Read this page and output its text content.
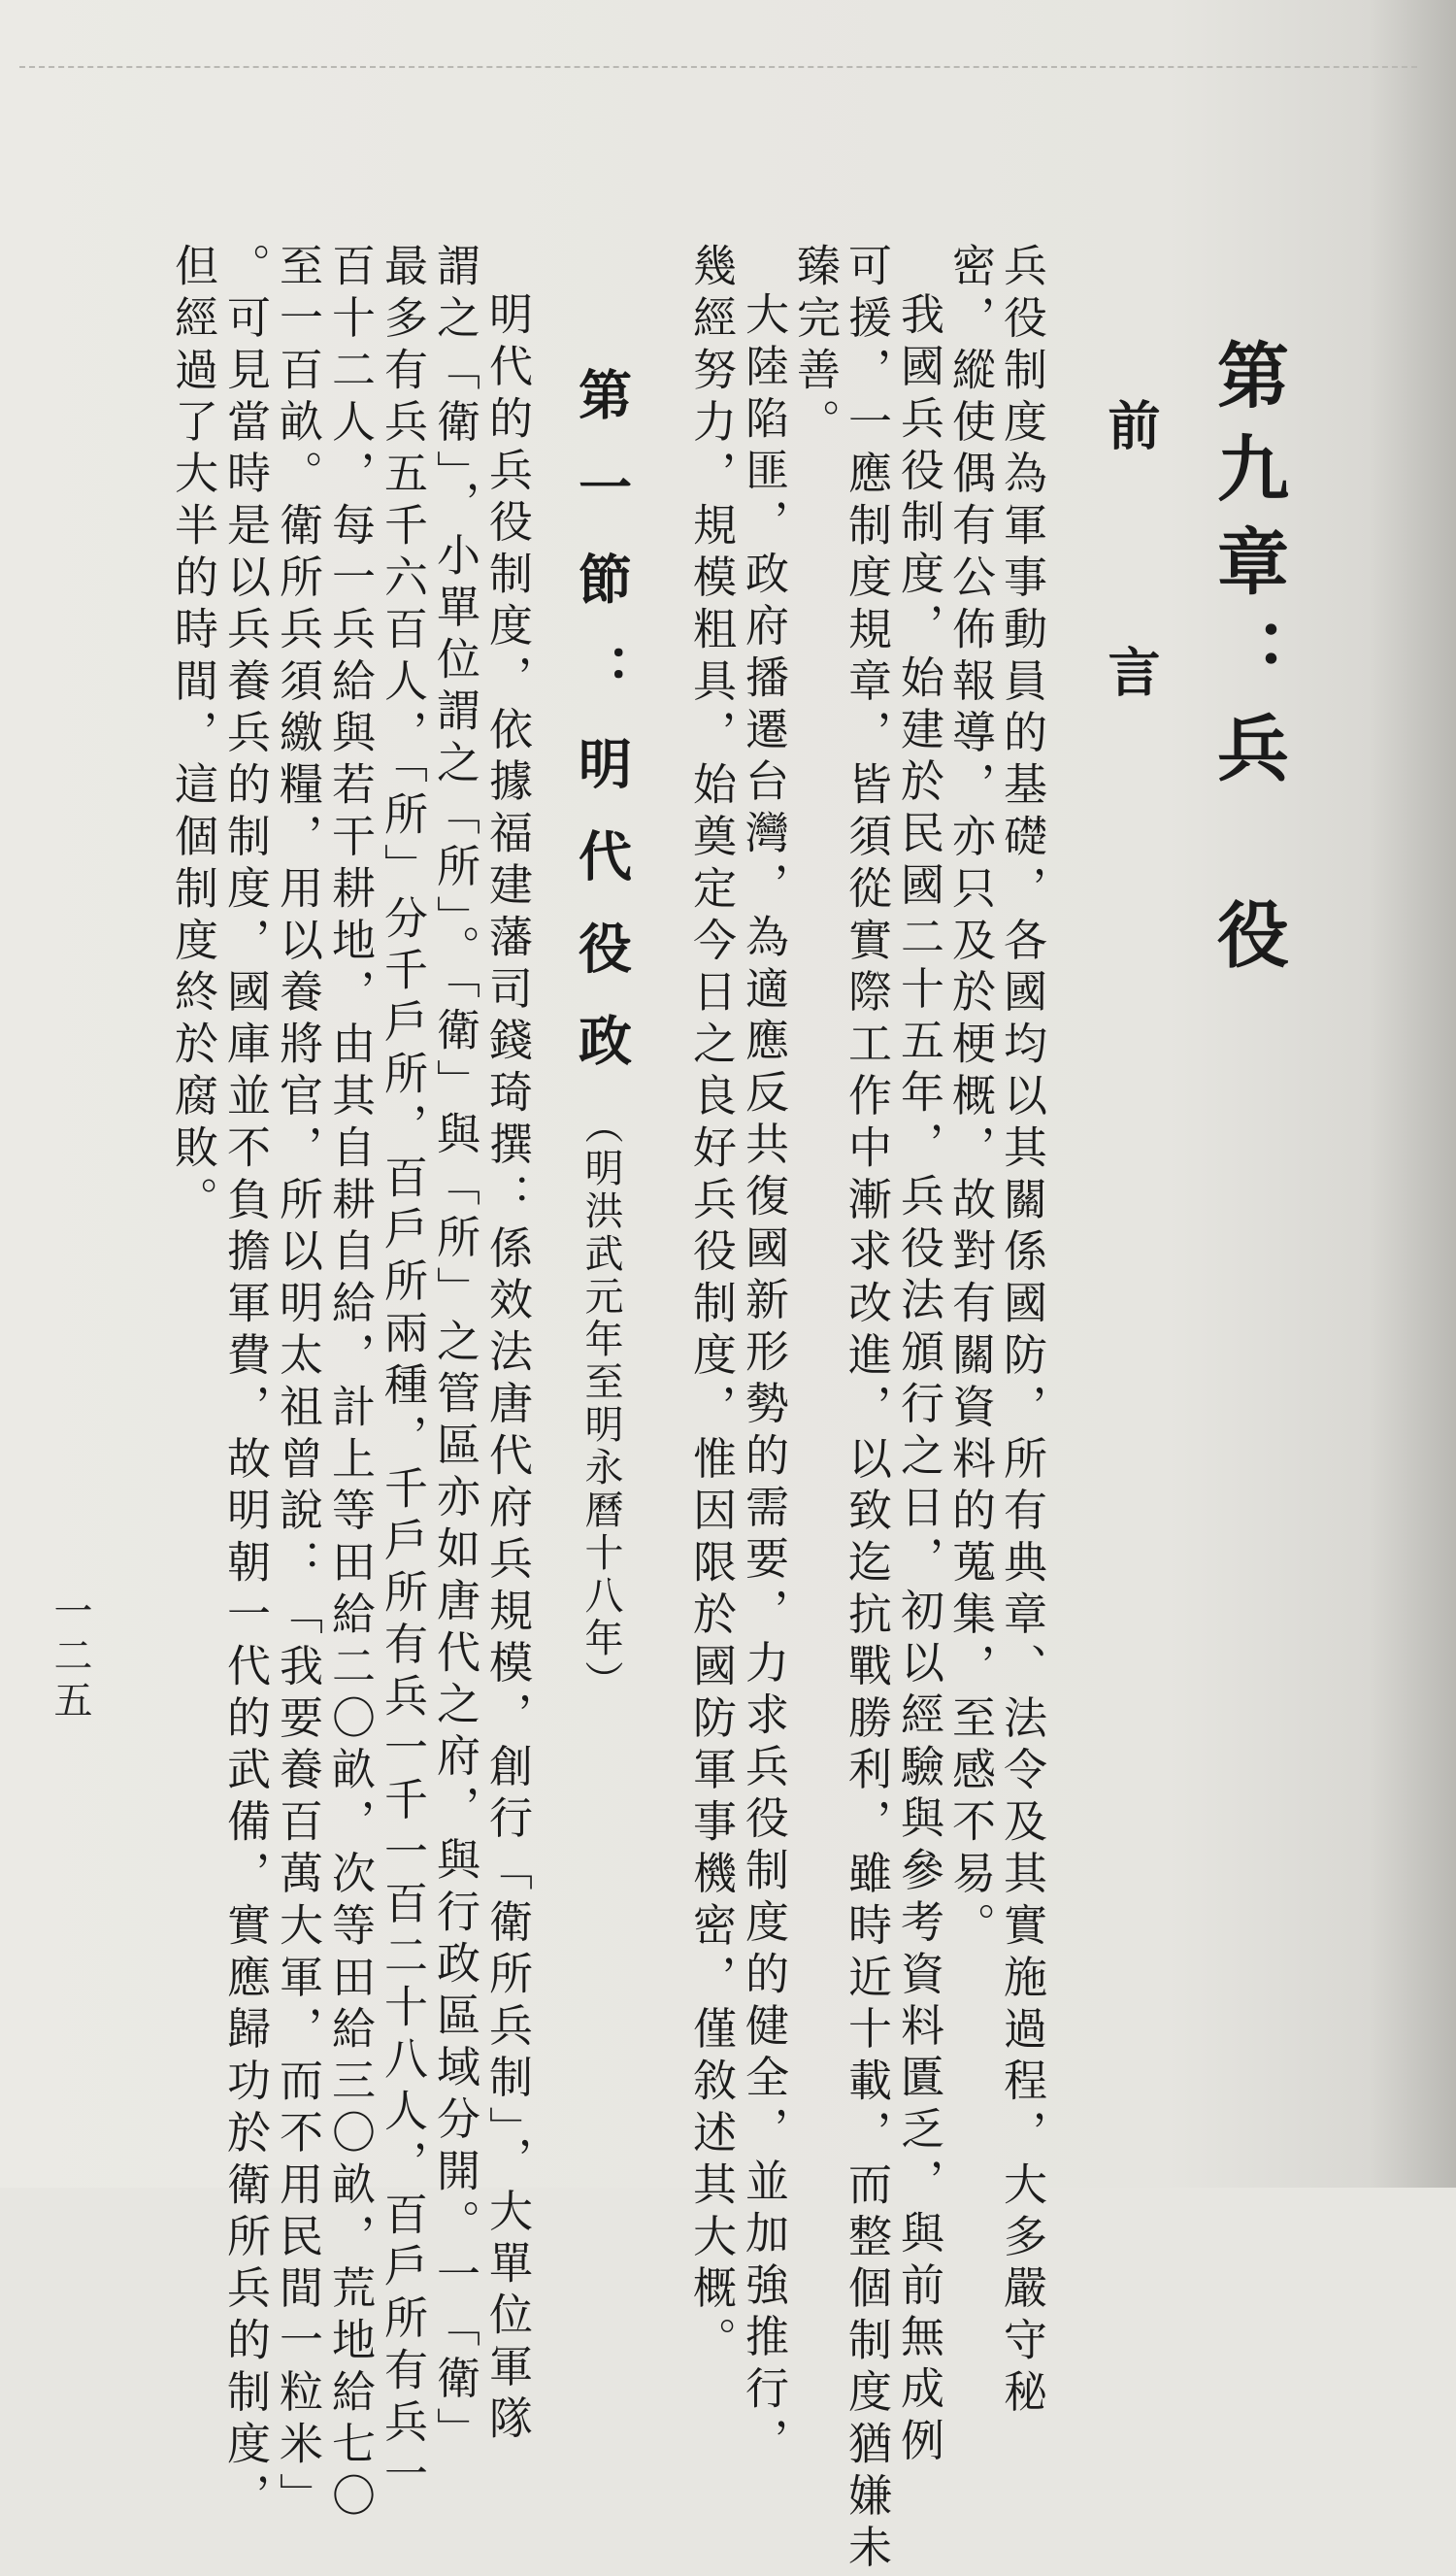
第九章：兵　役
前言
兵役制度為軍事動員的基礎，各國均以其關係國防，所有典章、法令及其實施過程，大多嚴守秘
密，縱使偶有公佈報導，亦只及於梗概，故對有關資料的蒐集，至感不易。
我國兵役制度，始建於民國二十五年，兵役法頒行之日，初以經驗與參考資料匱乏，與前無成例
可援，一應制度規章，皆須從實際工作中漸求改進，以致迄抗戰勝利，雖時近十載，而整個制度猶嫌未
臻完善。
大陸陷匪，政府播遷台灣，為適應反共復國新形勢的需要，力求兵役制度的健全，並加強推行，
幾經努力，規模粗具，始奠定今日之良好兵役制度，惟因限於國防軍事機密，僅敘述其大概。
第一節：明代役政（明洪武元年至明永曆十八年）
明代的兵役制度，依據福建藩司錢琦撰：係效法唐代府兵規模，創行「衛所兵制」，大單位軍隊
謂之「衛」，小單位謂之「所」。「衛」與「所」之管區亦如唐代之府，與行政區域分開。一「衛」
最多有兵五千六百人，「所」分千戶所，百戶所兩種，千戶所有兵一千一百二十八人，百戶所有兵一
百十二人，每一兵給與若干耕地，由其自耕自給，計上等田給二〇畝，次等田給三〇畝，荒地給七〇
至一百畝。衛所兵須繳糧，用以養將官，所以明太祖曾說：「我要養百萬大軍，而不用民間一粒米」
。可見當時是以兵養兵的制度，國庫並不負擔軍費，故明朝一代的武備，實應歸功於衛所兵的制度，
但經過了大半的時間，這個制度終於腐敗。
一二五
